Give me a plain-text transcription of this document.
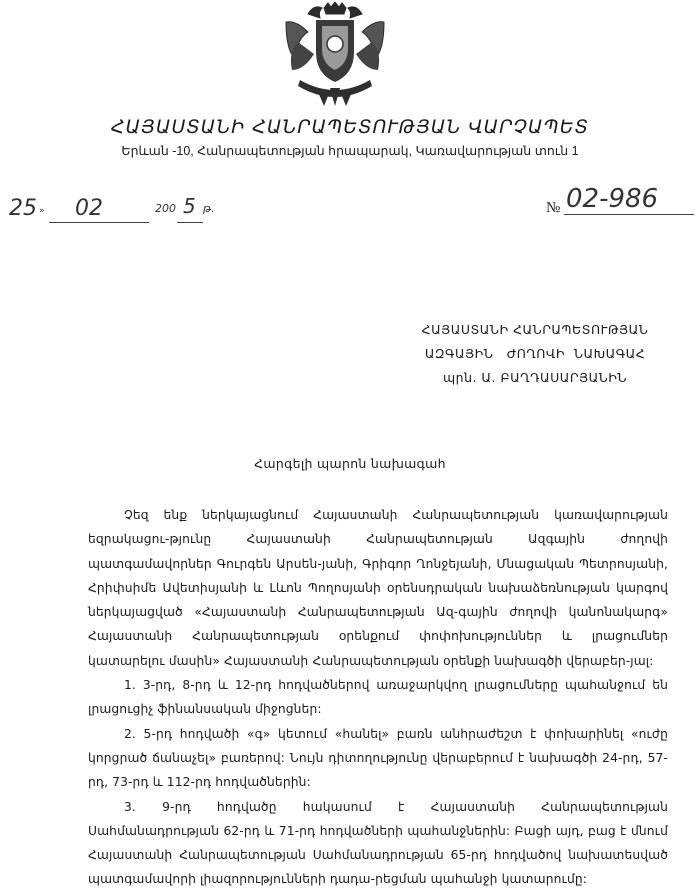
ՀԱՅԱՍՏԱՆԻ ՀԱՆՐԱՊԵՏՈՒԹՅԱՆ ՎԱՐՉԱՊԵՏ
Երևան -10, Հանրապետության հրապարակ, Կառավարության տուն 1
25 » 02	200 5 թ.	№ 02-986
ՀԱՅԱՍՏԱՆԻ ՀԱՆՐԱՊԵՏՈՒԹՅԱՆ
ԱԶԳԱՅԻՆ   ԺՈՂՈՎԻ  ՆԱԽԱԳԱՀ
պրն. Ա. ԲԱՂԴԱՍԱՐՅԱՆԻՆ
Հարգելի պարոն նախագահ

Չեզ ենք ներկայացնում Հայաստանի Հանրապետության կառավարության եզրակացու-թյունը Հայաստանի Հանրապետության Ազգային ժողովի պատգամավորներ Գուրգեն Արսեն-յանի, Գրիգոր Ղոնջեյանի, Մնացական Պետրոսյանի, Հրիփսիմե Ավետիսյանի և Լևոն Պողոսյանի օրենսդրական նախաձեռնության կարգով ներկայացված «Հայաստանի Հանրապետության Ազ-գային ժողովի կանոնակարգ» Հայաստանի Հանրապետության օրենքում փոփոխություններ և լրացումներ կատարելու մասին» Հայաստանի Հանրապետության օրենքի նախագծի վերաբեր-յալ:

1. 3-րդ, 8-րդ և 12-րդ հոդվածներով առաջարկվող լրացումները պահանջում են լրացուցիչ ֆինանսական միջոցներ:

2. 5-րդ հոդվածի «գ» կետում «հանել» բառն անհրաժեշտ է փոխարինել «ուժը կորցրած ճանաչել» բառերով: Նույն դիտողությունը վերաբերում է նախագծի 24-րդ, 57-րդ, 73-րդ և 112-րդ հոդվածներին:

3. 9-րդ հոդվածը հակասում է Հայաստանի Հանրապետության Սահմանադրության 62-րդ և 71-րդ հոդվածների պահանջներին: Բացի այդ, բաց է մնում Հայաստանի Հանրապետության Սահմանադրության 65-րդ հոդվածով նախատեսված պատգամավորի լիազորությունների դադա-րեցման պահանջի կատարումը:
